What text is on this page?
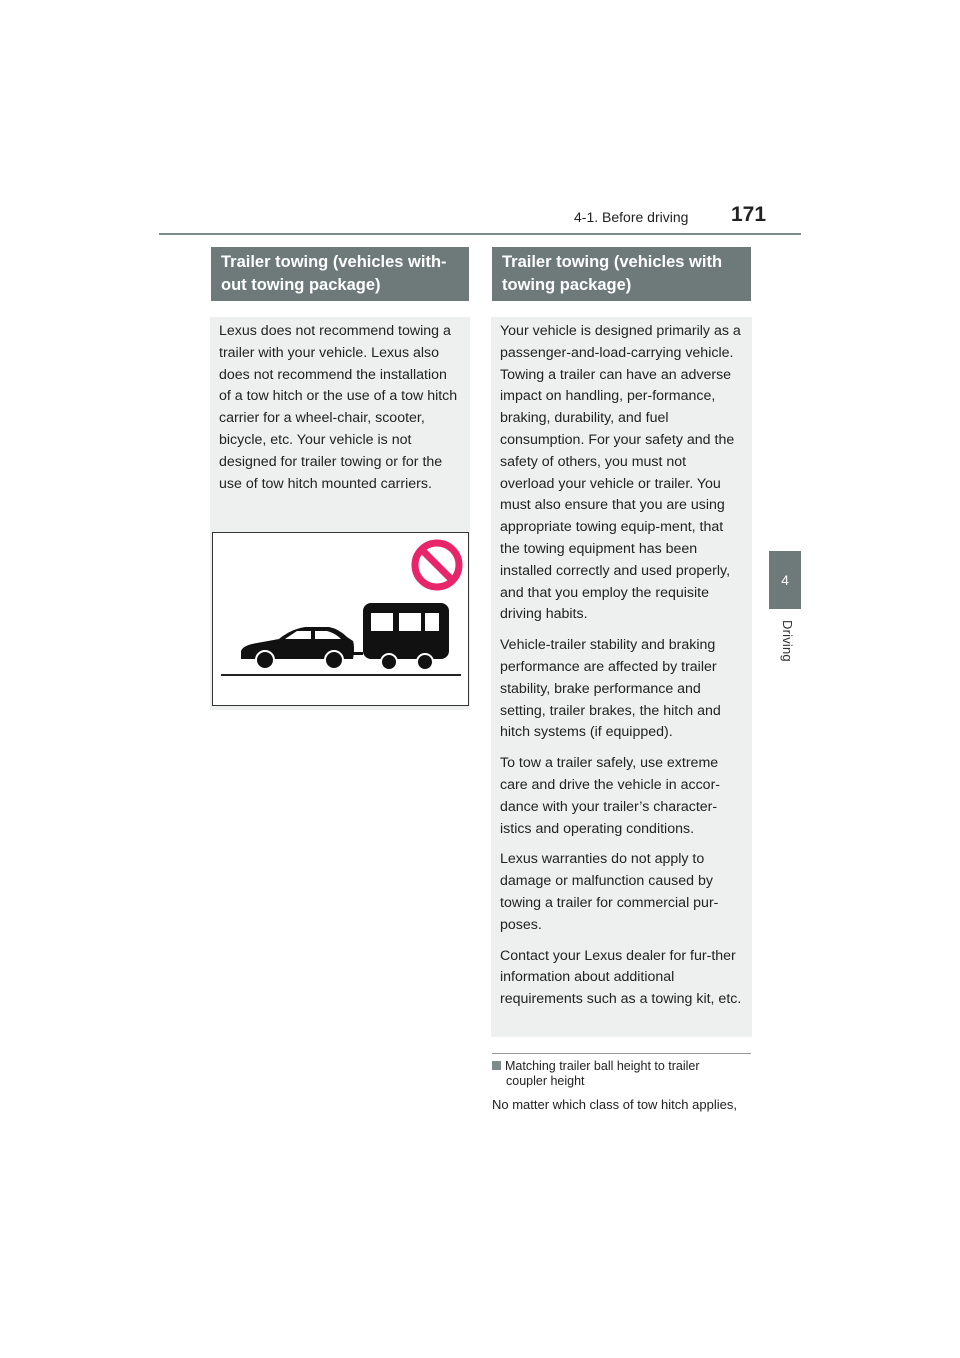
4-1. Before driving 171
4
Driving
Trailer towing (vehicles with-out towing package)

Lexus does not recommend towing a trailer with your vehicle. Lexus also does not recommend the installation of a tow hitch or the use of a tow hitch carrier for a wheel-chair, scooter, bicycle, etc. Your vehicle is not designed for trailer towing or for the use of tow hitch mounted carriers.

Trailer towing (vehicles with towing package)

Your vehicle is designed primarily as a passenger-and-load-carrying vehicle. Towing a trailer can have an adverse impact on handling, per-formance, braking, durability, and fuel consumption. For your safety and the safety of others, you must not overload your vehicle or trailer. You must also ensure that you are using appropriate towing equip-ment, that the towing equipment has been installed correctly and used properly, and that you employ the requisite driving habits.

Vehicle-trailer stability and braking performance are affected by trailer stability, brake performance and setting, trailer brakes, the hitch and hitch systems (if equipped).

To tow a trailer safely, use extreme care and drive the vehicle in accor-dance with your trailer’s character-istics and operating conditions.

Lexus warranties do not apply to damage or malfunction caused by towing a trailer for commercial pur-poses.

Contact your Lexus dealer for fur-ther information about additional requirements such as a towing kit, etc.

Matching trailer ball height to trailer
coupler height
No matter which class of tow hitch applies,
